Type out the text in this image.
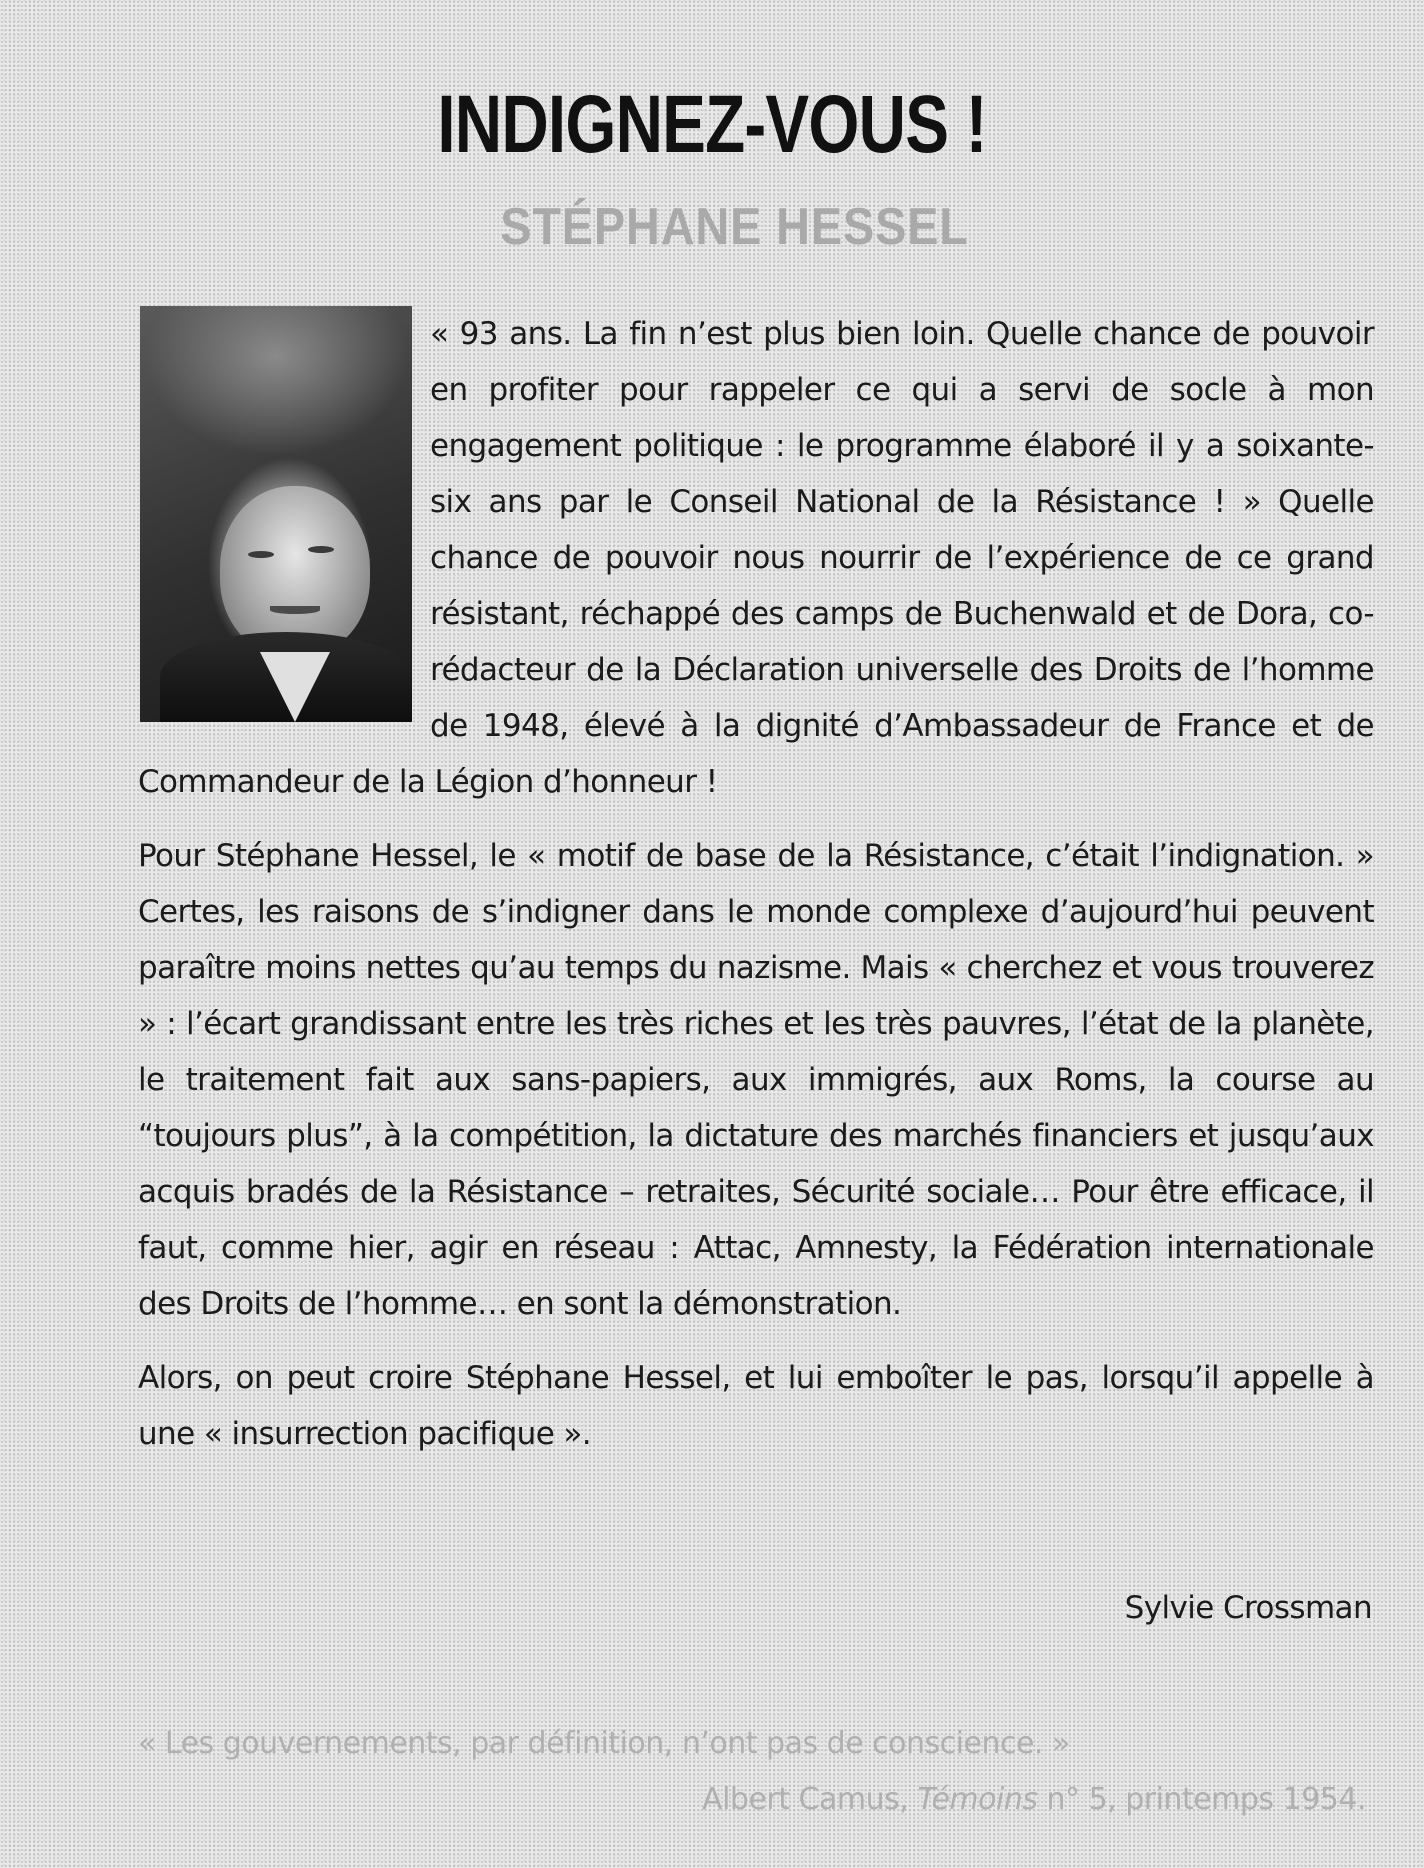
INDIGNEZ-VOUS !
STÉPHANE HESSEL

« 93 ans. La fin n’est plus bien loin. Quelle chance de pouvoir en profiter pour rappeler ce qui a servi de socle à mon engagement politique : le programme élaboré il y a soixante-six ans par le Conseil National de la Résistance ! » Quelle chance de pouvoir nous nourrir de l’expérience de ce grand résistant, réchappé des camps de Buchenwald et de Dora, co-rédacteur de la Déclaration universelle des Droits de l’homme de 1948, élevé à la dignité d’Ambassadeur de France et de Commandeur de la Légion d’honneur !

Pour Stéphane Hessel, le « motif de base de la Résistance, c’était l’indignation. » Certes, les raisons de s’indigner dans le monde complexe d’aujourd’hui peuvent paraître moins nettes qu’au temps du nazisme. Mais « cherchez et vous trouverez » : l’écart grandissant entre les très riches et les très pauvres, l’état de la planète, le traitement fait aux sans-papiers, aux immigrés, aux Roms, la course au “toujours plus”, à la compétition, la dictature des marchés financiers et jusqu’aux acquis bradés de la Résistance – retraites, Sécurité sociale… Pour être efficace, il faut, comme hier, agir en réseau : Attac, Amnesty, la Fédération internationale des Droits de l’homme… en sont la démonstration.

Alors, on peut croire Stéphane Hessel, et lui emboîter le pas, lorsqu’il appelle à une « insurrection pacifique ».

Sylvie Crossman

« Les gouvernements, par définition, n’ont pas de conscience. »

Albert Camus, Témoins n° 5, printemps 1954.
